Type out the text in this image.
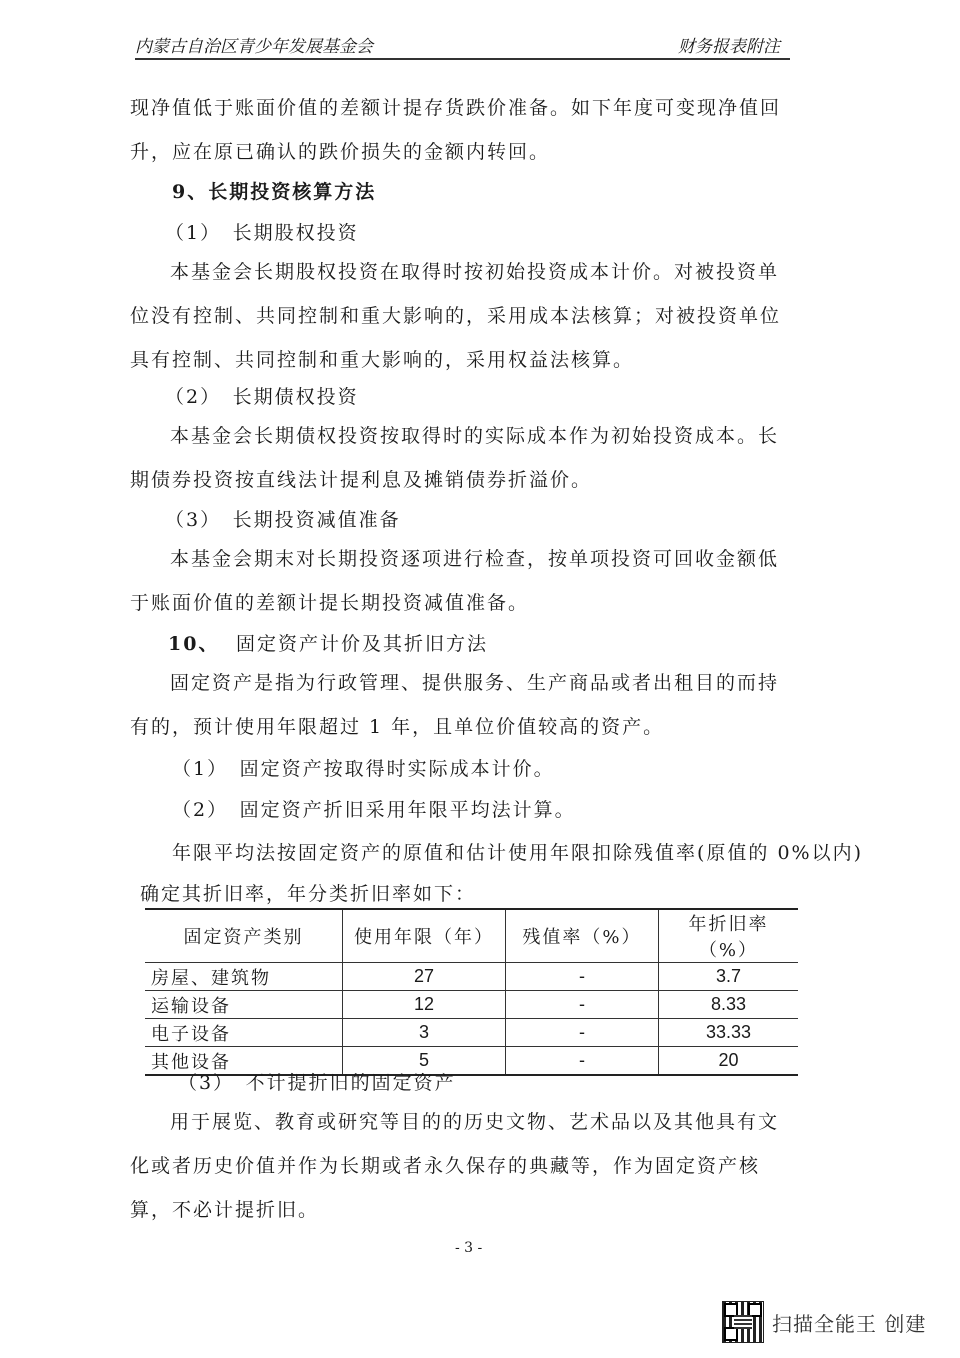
内蒙古自治区青少年发展基金会	财务报表附注

现净值低于账面价值的差额计提存货跌价准备。如下年度可变现净值回升，应在原已确认的跌价损失的金额内转回。

9、长期投资核算方法
（1）　长期股权投资

本基金会长期股权投资在取得时按初始投资成本计价。对被投资单位没有控制、共同控制和重大影响的，采用成本法核算；对被投资单位具有控制、共同控制和重大影响的，采用权益法核算。

（2）　长期债权投资

本基金会长期债权投资按取得时的实际成本作为初始投资成本。长期债券投资按直线法计提利息及摊销债券折溢价。

（3）　长期投资减值准备

本基金会期末对长期投资逐项进行检查，按单项投资可回收金额低于账面价值的差额计提长期投资减值准备。

10、 固定资产计价及其折旧方法

固定资产是指为行政管理、提供服务、生产商品或者出租目的而持有的，预计使用年限超过 1 年，且单位价值较高的资产。

（1）　固定资产按取得时实际成本计价。
（2）　固定资产折旧采用年限平均法计算。
年限平均法按固定资产的原值和估计使用年限扣除残值率(原值的 0%以内)
确定其折旧率，年分类折旧率如下：
固定资产类别	使用年限（年）	残值率（%）	年折旧率（%）
房屋、建筑物	27	-	3.7
运输设备	12	-	8.33
电子设备	3	-	33.33
其他设备	5	-	20
（3）　不计提折旧的固定资产

用于展览、教育或研究等目的的历史文物、艺术品以及其他具有文化或者历史价值并作为长期或者永久保存的典藏等，作为固定资产核算，不必计提折旧。

- 3 -
扫描全能王 创建
